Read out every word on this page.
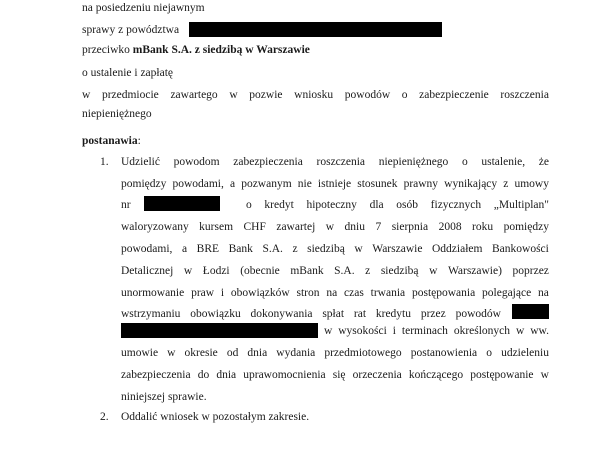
na posiedzeniu niejawnym
sprawy z powództwa
przeciwko mBank S.A. z siedzibą w Warszawie
o ustalenie i zapłatę
w przedmiocie zawartego w pozwie wniosku powodów o zabezpieczenie roszczenia
niepieniężnego
postanawia:
1. Udzielić powodom zabezpieczenia roszczenia niepieniężnego o ustalenie, że
pomiędzy powodami, a pozwanym nie istnieje stosunek prawny wynikający z umowy
nr	o kredyt hipoteczny dla osób fizycznych „Multiplan"
waloryzowany kursem CHF zawartej w dniu 7 sierpnia 2008 roku pomiędzy
powodami, a BRE Bank S.A. z siedzibą w Warszawie Oddziałem Bankowości
Detalicznej w Łodzi (obecnie mBank S.A. z siedzibą w Warszawie) poprzez
unormowanie praw i obowiązków stron na czas trwania postępowania polegające na
wstrzymaniu obowiązku dokonywania spłat rat kredytu przez powodów
w wysokości i terminach określonych w ww.
umowie w okresie od dnia wydania przedmiotowego postanowienia o udzieleniu
zabezpieczenia do dnia uprawomocnienia się orzeczenia kończącego postępowanie w
niniejszej sprawie.
2. Oddalić wniosek w pozostałym zakresie.
